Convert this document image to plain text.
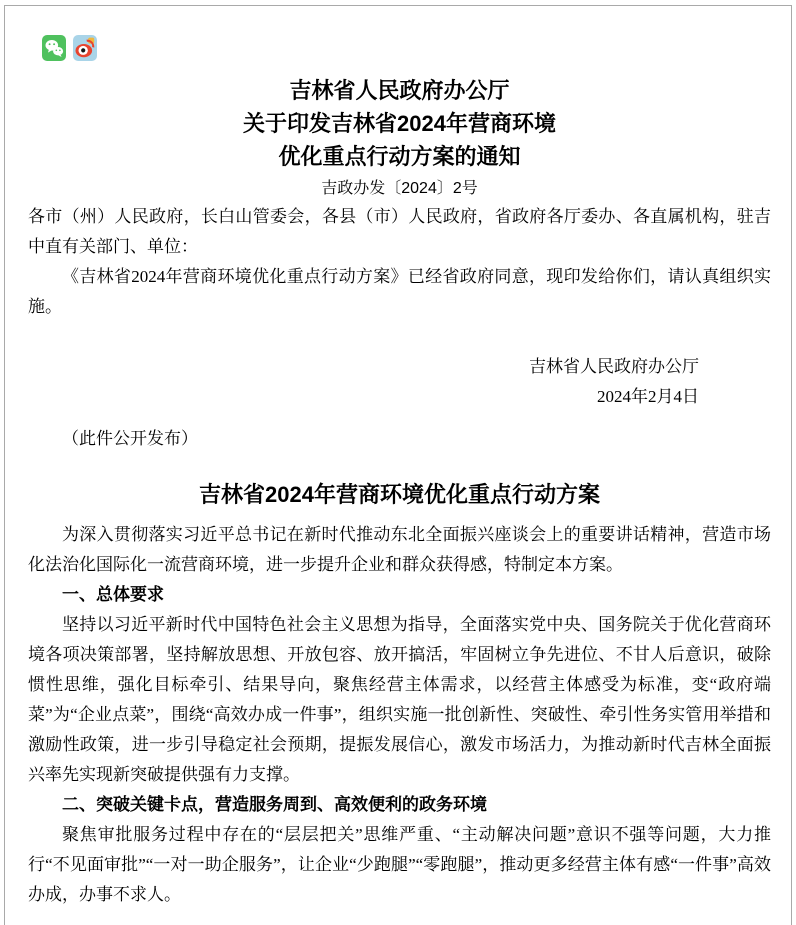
吉林省人民政府办公厅
关于印发吉林省2024年营商环境
优化重点行动方案的通知
吉政办发〔2024〕2号

各市（州）人民政府，长白山管委会，各县（市）人民政府，省政府各厅委办、各直属机构，驻吉中直有关部门、单位：

《吉林省2024年营商环境优化重点行动方案》已经省政府同意，现印发给你们，请认真组织实施。

吉林省人民政府办公厅

2024年2月4日

（此件公开发布）

吉林省2024年营商环境优化重点行动方案

为深入贯彻落实习近平总书记在新时代推动东北全面振兴座谈会上的重要讲话精神，营造市场化法治化国际化一流营商环境，进一步提升企业和群众获得感，特制定本方案。

一、总体要求

坚持以习近平新时代中国特色社会主义思想为指导，全面落实党中央、国务院关于优化营商环境各项决策部署，坚持解放思想、开放包容、放开搞活，牢固树立争先进位、不甘人后意识，破除惯性思维，强化目标牵引、结果导向，聚焦经营主体需求，以经营主体感受为标准，变“政府端菜”为“企业点菜”，围绕“高效办成一件事”，组织实施一批创新性、突破性、牵引性务实管用举措和激励性政策，进一步引导稳定社会预期，提振发展信心，激发市场活力，为推动新时代吉林全面振兴率先实现新突破提供强有力支撑。

二、突破关键卡点，营造服务周到、高效便利的政务环境

聚焦审批服务过程中存在的“层层把关”思维严重、“主动解决问题”意识不强等问题，大力推行“不见面审批”“一对一助企服务”，让企业“少跑腿”“零跑腿”，推动更多经营主体有感“一件事”高效办成，办事不求人。
